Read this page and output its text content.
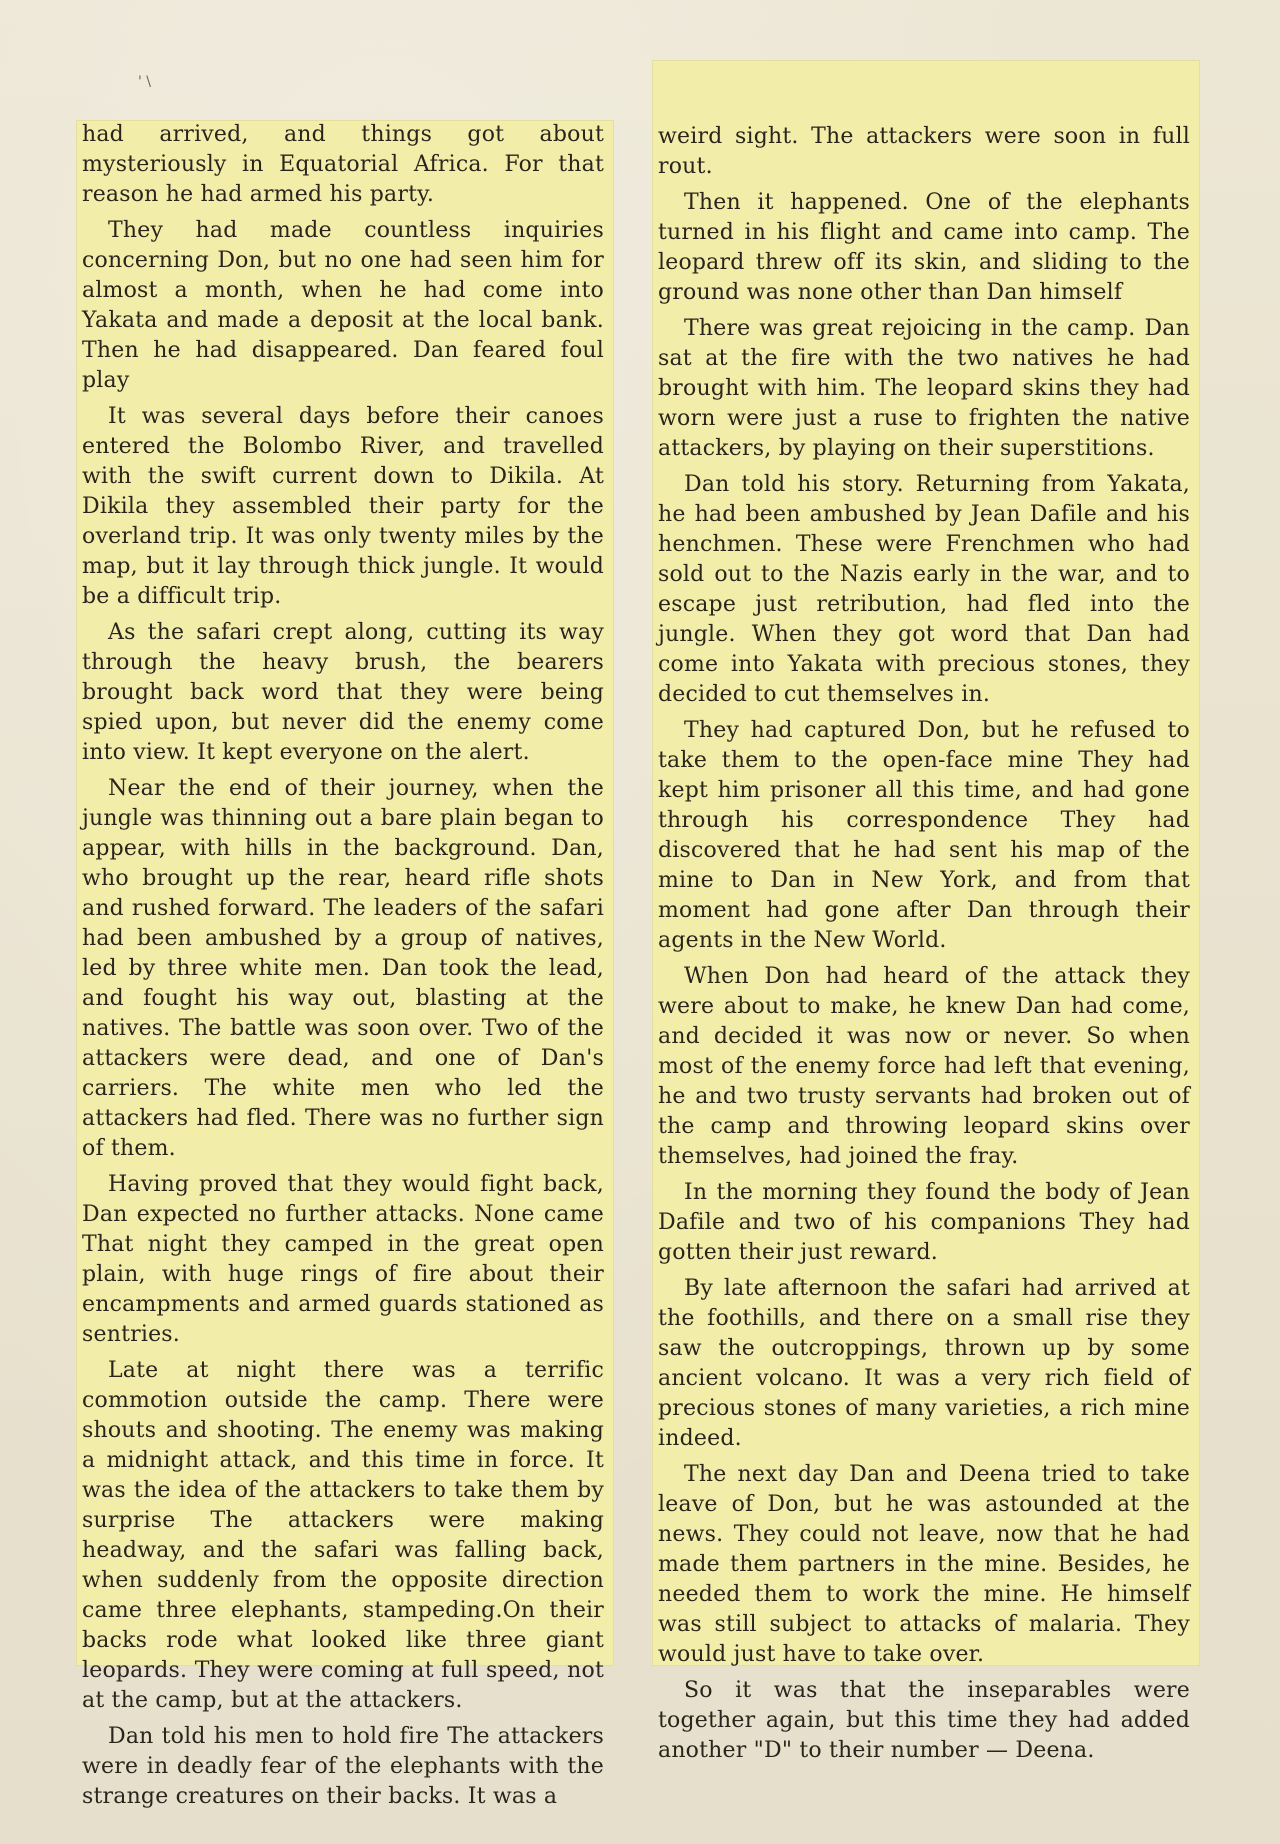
' \

had arrived, and things got about mysteriously in Equatorial Africa. For that reason he had armed his party.

They had made countless inquiries concerning Don, but no one had seen him for almost a month, when he had come into Yakata and made a deposit at the local bank. Then he had disappeared. Dan feared foul play

It was several days before their canoes entered the Bolombo River, and travelled with the swift current down to Dikila. At Dikila they assembled their party for the overland trip. It was only twenty miles by the map, but it lay through thick jungle. It would be a difficult trip.

As the safari crept along, cutting its way through the heavy brush, the bearers brought back word that they were being spied upon, but never did the enemy come into view. It kept everyone on the alert.

Near the end of their journey, when the jungle was thinning out a bare plain began to appear, with hills in the background. Dan, who brought up the rear, heard rifle shots and rushed forward. The leaders of the safari had been ambushed by a group of natives, led by three white men. Dan took the lead, and fought his way out, blasting at the natives. The battle was soon over. Two of the attackers were dead, and one of Dan's carriers. The white men who led the attackers had fled. There was no further sign of them.

Having proved that they would fight back, Dan expected no further attacks. None came That night they camped in the great open plain, with huge rings of fire about their encampments and armed guards stationed as sentries.

Late at night there was a terrific commotion outside the camp. There were shouts and shooting. The enemy was making a midnight attack, and this time in force. It was the idea of the attackers to take them by surprise The attackers were making headway, and the safari was falling back, when suddenly from the opposite direction came three elephants, stampeding.On their backs rode what looked like three giant leopards. They were coming at full speed, not at the camp, but at the attackers.

Dan told his men to hold fire The attackers were in deadly fear of the elephants with the strange creatures on their backs. It was a

weird sight. The attackers were soon in full rout.

Then it happened. One of the elephants turned in his flight and came into camp. The leopard threw off its skin, and sliding to the ground was none other than Dan himself

There was great rejoicing in the camp. Dan sat at the fire with the two natives he had brought with him. The leopard skins they had worn were just a ruse to frighten the native attackers, by playing on their superstitions.

Dan told his story. Returning from Yakata, he had been ambushed by Jean Dafile and his henchmen. These were Frenchmen who had sold out to the Nazis early in the war, and to escape just retribution, had fled into the jungle. When they got word that Dan had come into Yakata with precious stones, they decided to cut themselves in.

They had captured Don, but he refused to take them to the open-face mine They had kept him prisoner all this time, and had gone through his correspondence They had discovered that he had sent his map of the mine to Dan in New York, and from that moment had gone after Dan through their agents in the New World.

When Don had heard of the attack they were about to make, he knew Dan had come, and decided it was now or never. So when most of the enemy force had left that evening, he and two trusty servants had broken out of the camp and throwing leopard skins over themselves, had joined the fray.

In the morning they found the body of Jean Dafile and two of his companions They had gotten their just reward.

By late afternoon the safari had arrived at the foothills, and there on a small rise they saw the outcroppings, thrown up by some ancient volcano. It was a very rich field of precious stones of many varieties, a rich mine indeed.

The next day Dan and Deena tried to take leave of Don, but he was astounded at the news. They could not leave, now that he had made them partners in the mine. Besides, he needed them to work the mine. He himself was still subject to attacks of malaria. They would just have to take over.

So it was that the inseparables were together again, but this time they had added another "D" to their number — Deena.
